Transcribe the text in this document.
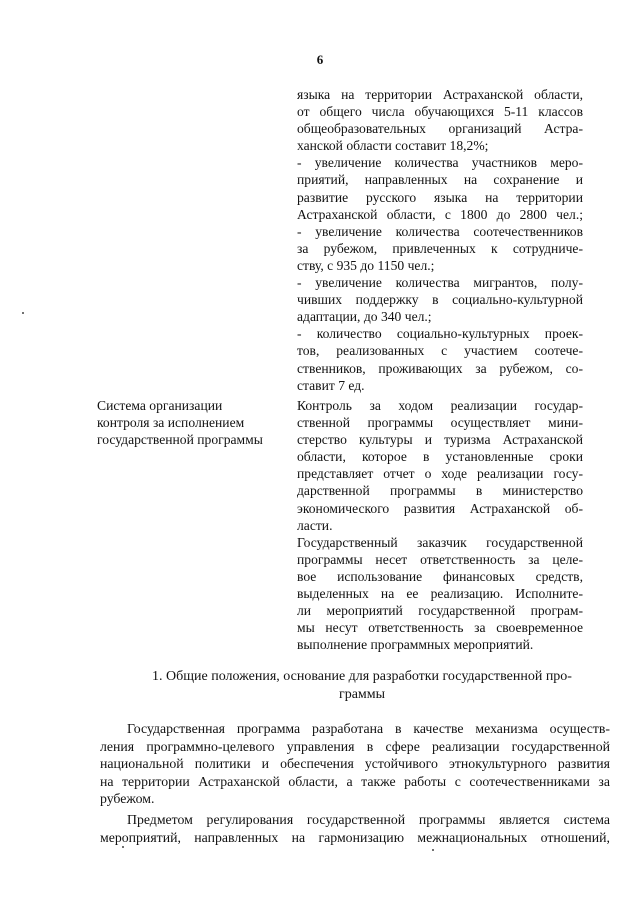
6
языка на территории Астраханской области,
от общего числа обучающихся 5-11 классов
общеобразовательных организаций Астра-
ханской области составит 18,2%;
- увеличение количества участников меро-
приятий, направленных на сохранение и
развитие русского языка на территории
Астраханской области, с 1800 до 2800 чел.;
- увеличение количества соотечественников
за рубежом, привлеченных к сотрудниче-
ству, с 935 до 1150 чел.;
- увеличение количества мигрантов, полу-
чивших поддержку в социально-культурной
адаптации, до 340 чел.;
- количество социально-культурных проек-
тов, реализованных с участием соотече-
ственников, проживающих за рубежом, со-
ставит 7 ед.
Система организации
контроля за исполнением
государственной программы
Контроль за ходом реализации государ-
ственной программы осуществляет мини-
стерство культуры и туризма Астраханской
области, которое в установленные сроки
представляет отчет о ходе реализации госу-
дарственной программы в министерство
экономического развития Астраханской об-
ласти.
Государственный заказчик государственной
программы несет ответственность за целе-
вое использование финансовых средств,
выделенных на ее реализацию. Исполните-
ли мероприятий государственной програм-
мы несут ответственность за своевременное
выполнение программных мероприятий.
1. Общие положения, основание для разработки государственной про-
граммы
Государственная программа разработана в качестве механизма осуществ-
ления программно-целевого управления в сфере реализации государственной
национальной политики и обеспечения устойчивого этнокультурного развития
на территории Астраханской области, а также работы с соотечественниками за
рубежом.
Предметом регулирования государственной программы является система
мероприятий, направленных на гармонизацию межнациональных отношений,
